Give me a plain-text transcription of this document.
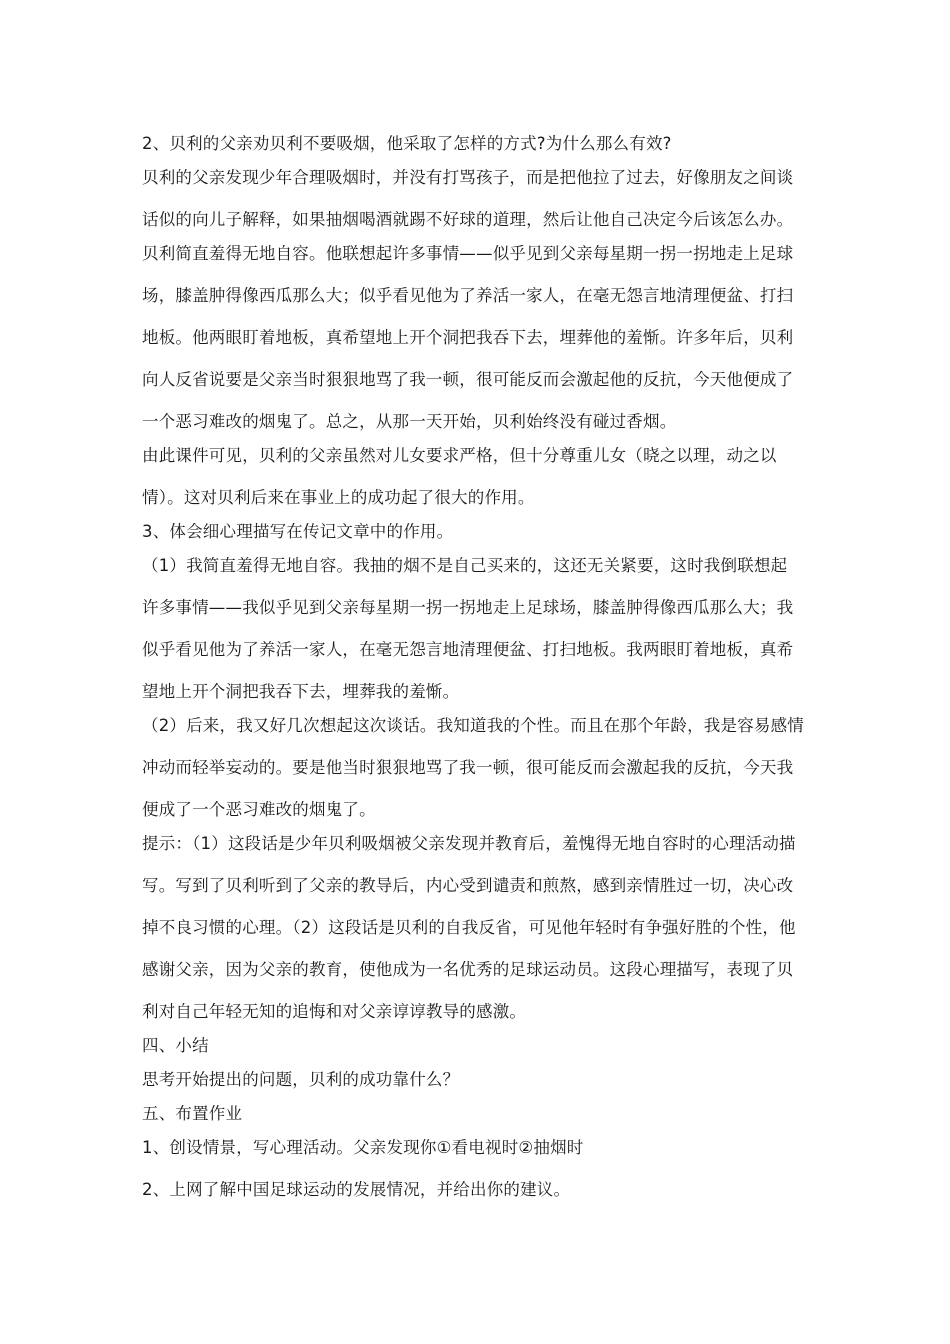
2、贝利的父亲劝贝利不要吸烟，他采取了怎样的方式?为什么那么有效?
贝利的父亲发现少年合理吸烟时，并没有打骂孩子，而是把他拉了过去，好像朋友之间谈
话似的向儿子解释，如果抽烟喝酒就踢不好球的道理，然后让他自己决定今后该怎么办。
贝利简直羞得无地自容。他联想起许多事情——似乎见到父亲每星期一拐一拐地走上足球
场，膝盖肿得像西瓜那么大；似乎看见他为了养活一家人，在毫无怨言地清理便盆、打扫
地板。他两眼盯着地板，真希望地上开个洞把我吞下去，埋葬他的羞惭。许多年后，贝利
向人反省说要是父亲当时狠狠地骂了我一顿，很可能反而会激起他的反抗，今天他便成了
一个恶习难改的烟鬼了。总之，从那一天开始，贝利始终没有碰过香烟。
由此课件可见，贝利的父亲虽然对儿女要求严格，但十分尊重儿女（晓之以理，动之以
情）。这对贝利后来在事业上的成功起了很大的作用。
3、体会细心理描写在传记文章中的作用。
（1）我简直羞得无地自容。我抽的烟不是自己买来的，这还无关紧要，这时我倒联想起
许多事情——我似乎见到父亲每星期一拐一拐地走上足球场，膝盖肿得像西瓜那么大；我
似乎看见他为了养活一家人，在毫无怨言地清理便盆、打扫地板。我两眼盯着地板，真希
望地上开个洞把我吞下去，埋葬我的羞惭。
（2）后来，我又好几次想起这次谈话。我知道我的个性。而且在那个年龄，我是容易感情
冲动而轻举妄动的。要是他当时狠狠地骂了我一顿，很可能反而会激起我的反抗，今天我
便成了一个恶习难改的烟鬼了。
提示：（1）这段话是少年贝利吸烟被父亲发现并教育后，羞愧得无地自容时的心理活动描
写。写到了贝利听到了父亲的教导后，内心受到谴责和煎熬，感到亲情胜过一切，决心改
掉不良习惯的心理。（2）这段话是贝利的自我反省，可见他年轻时有争强好胜的个性，他
感谢父亲，因为父亲的教育，使他成为一名优秀的足球运动员。这段心理描写，表现了贝
利对自己年轻无知的追悔和对父亲谆谆教导的感激。
四、小结
思考开始提出的问题，贝利的成功靠什么？
五、布置作业
1、创设情景，写心理活动。父亲发现你①看电视时②抽烟时
2、上网了解中国足球运动的发展情况，并给出你的建议。
